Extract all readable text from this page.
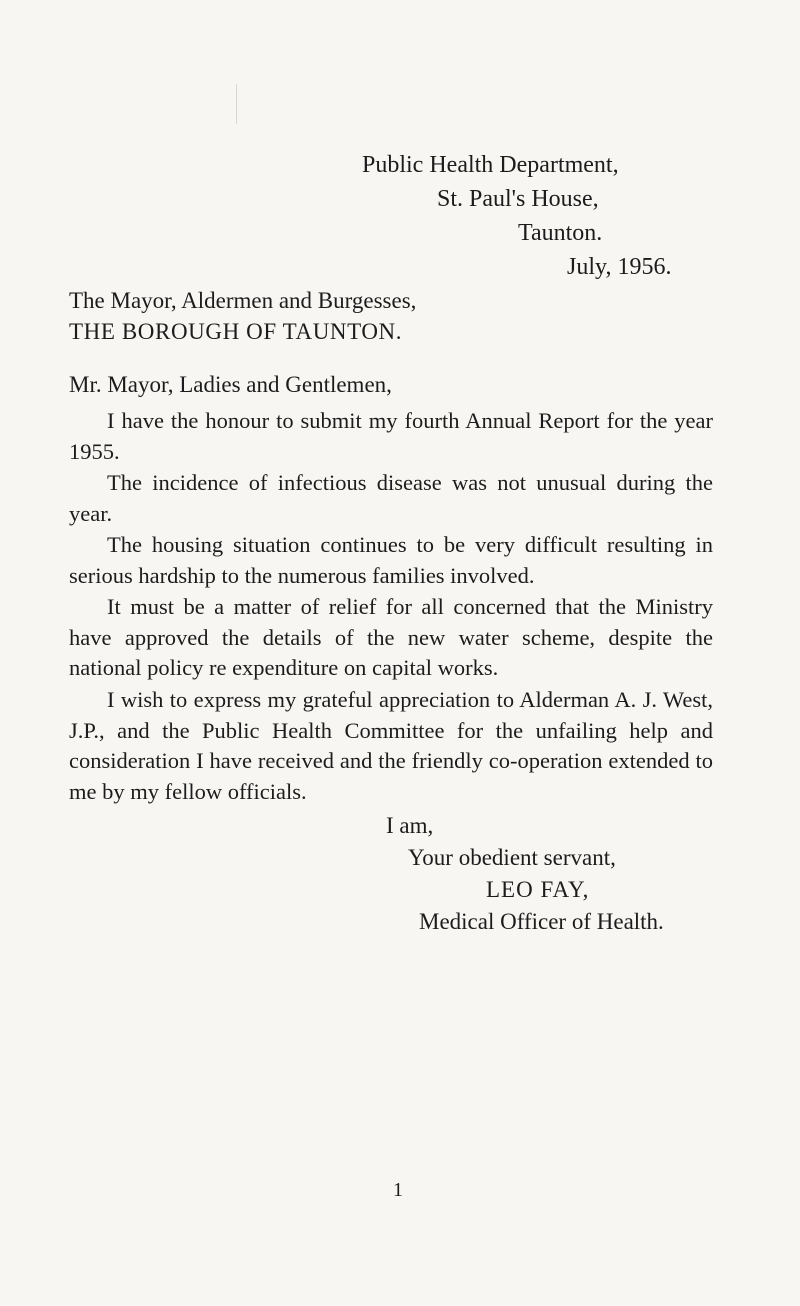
Public Health Department,
St. Paul's House,
Taunton.
July, 1956.
The Mayor, Aldermen and Burgesses,
THE BOROUGH OF TAUNTON.
Mr. Mayor, Ladies and Gentlemen,

I have the honour to submit my fourth Annual Report for the year 1955.

The incidence of infectious disease was not unusual during the year.

The housing situation continues to be very difficult resulting in serious hardship to the numerous families involved.

It must be a matter of relief for all concerned that the Ministry have approved the details of the new water scheme, despite the national policy re expenditure on capital works.

I wish to express my grateful appreciation to Alderman A. J. West, J.P., and the Public Health Committee for the unfailing help and consideration I have received and the friendly co-operation extended to me by my fellow officials.

I am,
Your obedient servant,
LEO FAY,
Medical Officer of Health.
1
